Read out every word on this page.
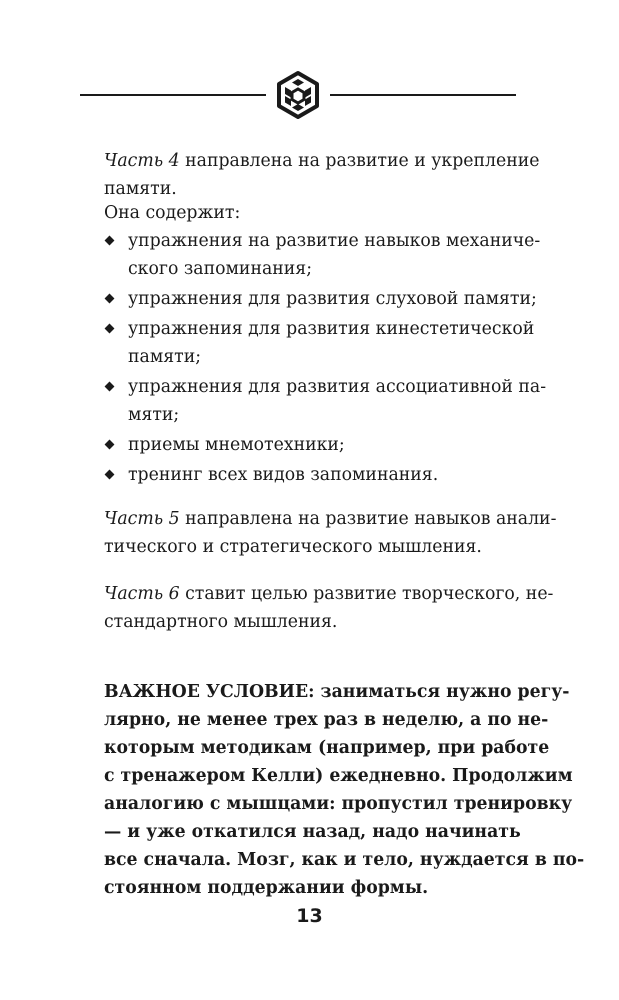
Часть 4 направлена на развитие и укрепление
памяти.
Она содержит:
упражнения на развитие навыков механиче-
ского запоминания;
упражнения для развития слуховой памяти;
упражнения для развития кинестетической
памяти;
упражнения для развития ассоциативной па-
мяти;
приемы мнемотехники;
тренинг всех видов запоминания.
Часть 5 направлена на развитие навыков анали-
тического и стратегического мышления.
Часть 6 ставит целью развитие творческого, не-
стандартного мышления.
ВАЖНОЕ УСЛОВИЕ: заниматься нужно регу-
лярно, не менее трех раз в неделю, а по не-
которым методикам (например, при работе
с тренажером Келли) ежедневно. Продолжим
аналогию с мышцами: пропустил тренировку
— и уже откатился назад, надо начинать
все сначала. Мозг, как и тело, нуждается в по-
стоянном поддержании формы.
13
